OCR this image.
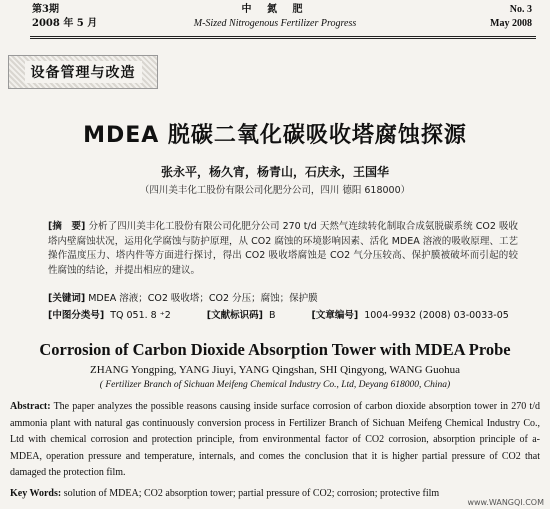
第3期
2008 年 5 月
中 氮 肥
M-Sized Nitrogenous Fertilizer Progress
No. 3
May 2008
设备管理与改造
MDEA 脱碳二氧化碳吸收塔腐蚀探源
张永平，杨久宵，杨青山，石庆永，王国华
（四川美丰化工股份有限公司化肥分公司，四川 德阳 618000）
[摘　要] 分析了四川美丰化工股份有限公司化肥分公司 270 t/d 天然气连续转化制取合成氨脱碳系统 CO2 吸收塔内壁腐蚀状况，运用化学腐蚀与防护原理，从 CO2 腐蚀的环境影响因素、活化 MDEA 溶液的吸收原理、工艺操作温度压力、塔内件等方面进行探讨，得出 CO2 吸收塔腐蚀是 CO2 气分压较高、保护膜被破坏而引起的较性腐蚀的结论，并提出相应的建议。
[关键词] MDEA 溶液；CO2 吸收塔；CO2 分压；腐蚀；保护膜
[中图分类号] TQ 051. 8 ⁺2	[文献标识码] B	[文章编号] 1004-9932 (2008) 03-0033-05
Corrosion of Carbon Dioxide Absorption Tower with MDEA Probe
ZHANG Yongping, YANG Jiuyi, YANG Qingshan, SHI Qingyong, WANG Guohua
( Fertilizer Branch of Sichuan Meifeng Chemical Industry Co., Ltd, Deyang 618000, China)
Abstract: The paper analyzes the possible reasons causing inside surface corrosion of carbon dioxide absorption tower in 270 t/d ammonia plant with natural gas continuously conversion process in Fertilizer Branch of Sichuan Meifeng Chemical Industry Co., Ltd with chemical corrosion and protection principle, from environmental factor of CO2 corrosion, absorption principle of a-MDEA, operation pressure and temperature, internals, and comes the conclusion that it is higher partial pressure of CO2 that damaged the protection film.
Key Words: solution of MDEA; CO2 absorption tower; partial pressure of CO2; corrosion; protective film
www.WANGQI.COM
